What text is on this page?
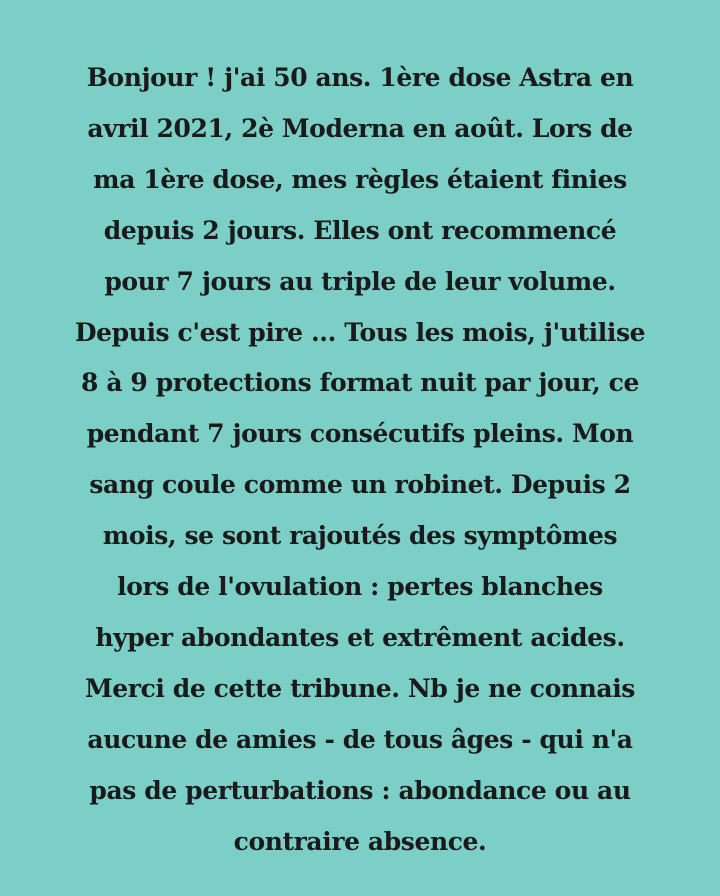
Bonjour ! j'ai 50 ans. 1ère dose Astra en
avril 2021, 2è Moderna en août. Lors de
ma 1ère dose, mes règles étaient finies
depuis 2 jours. Elles ont recommencé
pour 7 jours au triple de leur volume.
Depuis c'est pire ... Tous les mois, j'utilise
8 à 9 protections format nuit par jour, ce
pendant 7 jours consécutifs pleins. Mon
sang coule comme un robinet. Depuis 2
mois, se sont rajoutés des symptômes
lors de l'ovulation : pertes blanches
hyper abondantes et extrêment acides.
Merci de cette tribune. Nb je ne connais
aucune de amies - de tous âges - qui n'a
pas de perturbations : abondance ou au
contraire absence.
